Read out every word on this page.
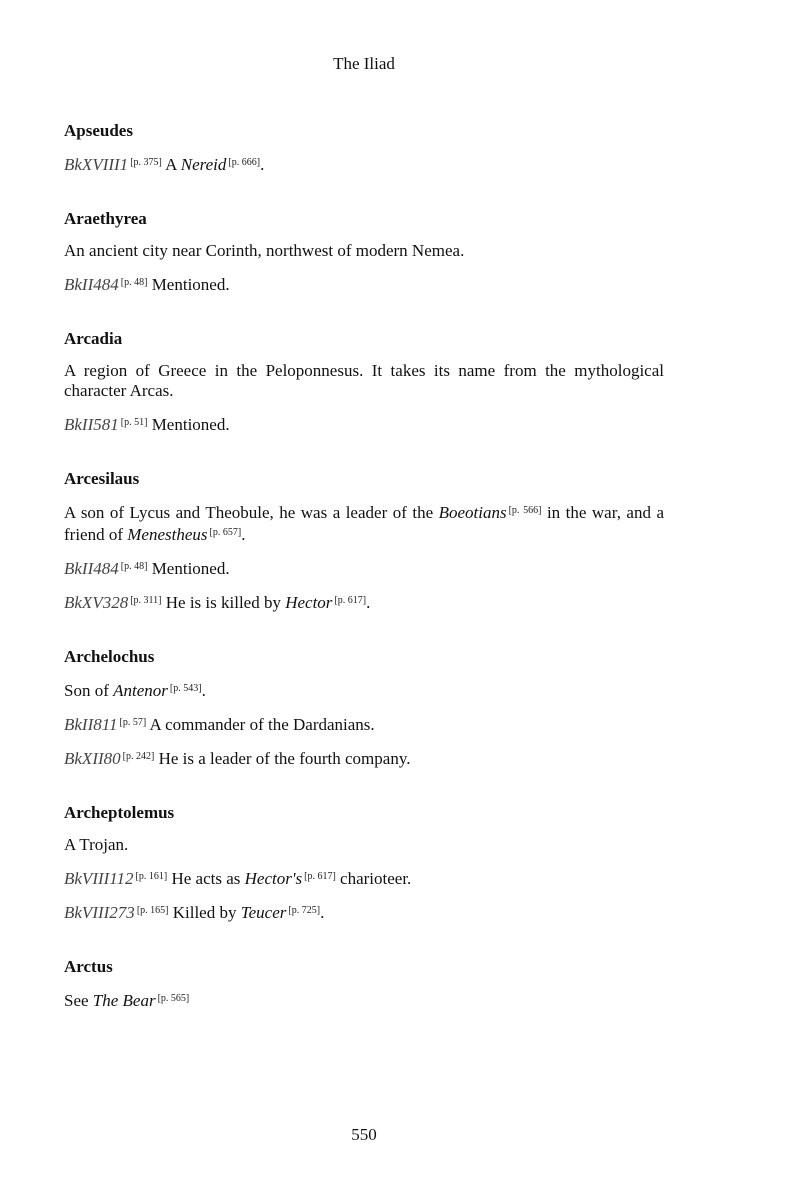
The Iliad
Apseudes
BkXVIII1 [p. 375] A Nereid [p. 666].
Araethyrea
An ancient city near Corinth, northwest of modern Nemea.
BkII484 [p. 48] Mentioned.
Arcadia
A region of Greece in the Peloponnesus. It takes its name from the mythological character Arcas.
BkII581 [p. 51] Mentioned.
Arcesilaus
A son of Lycus and Theobule, he was a leader of the Boeotians [p. 566] in the war, and a friend of Menestheus [p. 657].
BkII484 [p. 48] Mentioned.
BkXV328 [p. 311] He is is killed by Hector [p. 617].
Archelochus
Son of Antenor [p. 543].
BkII811 [p. 57] A commander of the Dardanians.
BkXII80 [p. 242] He is a leader of the fourth company.
Archeptolemus
A Trojan.
BkVIII112 [p. 161] He acts as Hector's [p. 617] charioteer.
BkVIII273 [p. 165] Killed by Teucer [p. 725].
Arctus
See The Bear [p. 565]
550
